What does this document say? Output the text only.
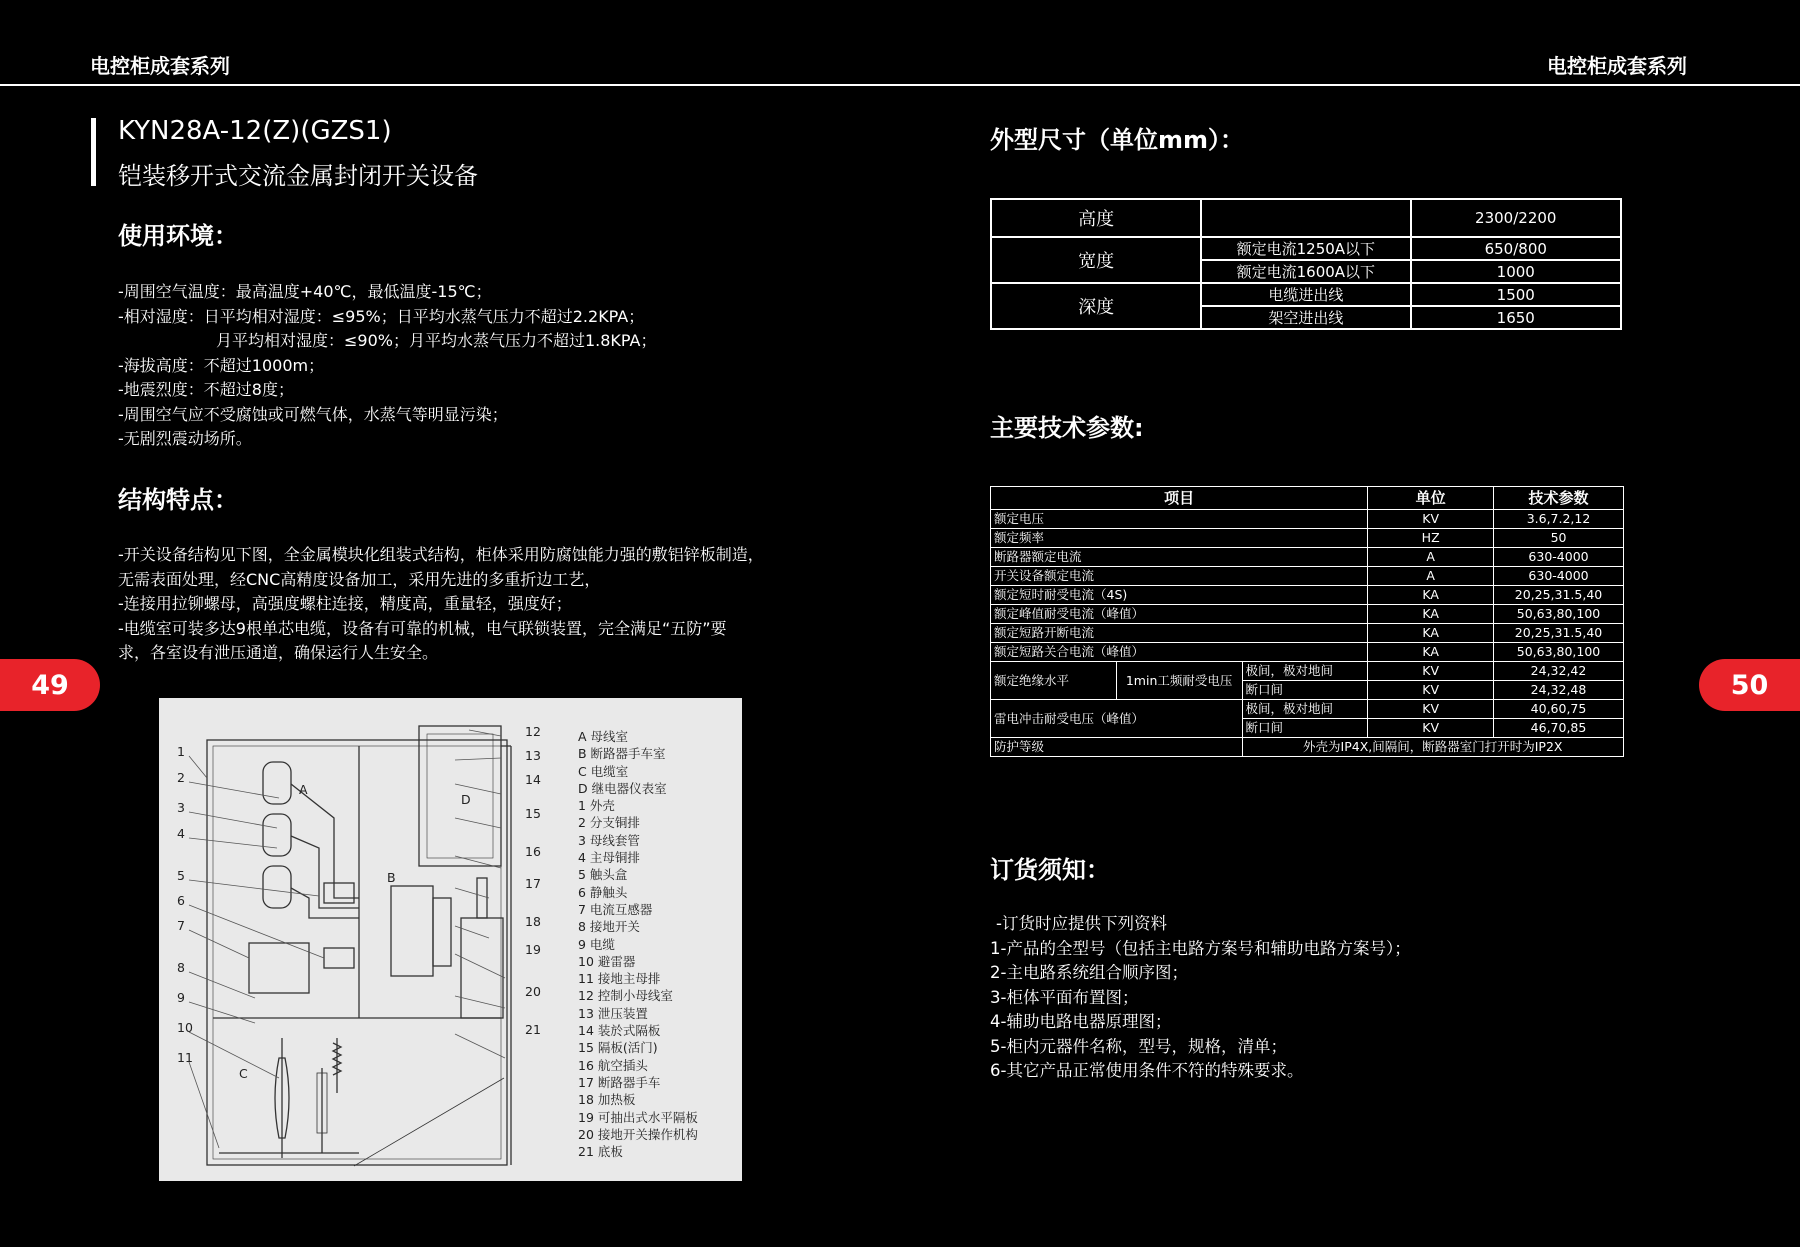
电控柜成套系列	电控柜成套系列
KYN28A-12(Z)(GZS1)
铠装移开式交流金属封闭开关设备
使用环境：
-周围空气温度：最高温度+40℃，最低温度-15℃；
-相对湿度：日平均相对湿度：≤95%；日平均水蒸气压力不超过2.2KPA；
月平均相对湿度：≤90%；月平均水蒸气压力不超过1.8KPA；
-海拔高度：不超过1000m；
-地震烈度：不超过8度；
-周围空气应不受腐蚀或可燃气体，水蒸气等明显污染；
-无剧烈震动场所。
结构特点：
-开关设备结构见下图，全金属模块化组装式结构，柜体采用防腐蚀能力强的敷铝锌板制造，
无需表面处理，经CNC高精度设备加工，采用先进的多重折边工艺，
-连接用拉铆螺母，高强度螺柱连接，精度高，重量轻，强度好；
-电缆室可装多达9根单芯电缆，设备有可靠的机械，电气联锁装置，完全满足“五防”要
求，各室设有泄压通道，确保运行人生安全。
49	50
A
B
C
D
1
2
3
4
5
6
7
8
9
10
11
12
13
14
15
16
17
18
19
20
21
A 母线室
B 断路器手车室
C 电缆室
D 继电器仪表室
1 外壳
2 分支铜排
3 母线套管
4 主母铜排
5 触头盒
6 静触头
7 电流互感器
8 接地开关
9 电缆
10 避雷器
11 接地主母排
12 控制小母线室
13 泄压装置
14 装於式隔板
15 隔板(活门)
16 航空插头
17 断路器手车
18 加热板
19 可抽出式水平隔板
20 接地开关操作机构
21 底板
外型尺寸（单位mm）：
高度		2300/2200
宽度	额定电流1250A以下	650/800
	额定电流1600A以下	1000
深度	电缆进出线	1500
	架空进出线	1650
主要技术参数:
项目			单位	技术参数
额定电压			KV	3.6,7.2,12
额定频率			HZ	50
断路器额定电流			A	630-4000
开关设备额定电流			A	630-4000
额定短时耐受电流（4S)			KA	20,25,31.5,40
额定峰值耐受电流（峰值）			KA	50,63,80,100
额定短路开断电流			KA	20,25,31.5,40
额定短路关合电流（峰值）			KA	50,63,80,100
额定绝缘水平	1min工频耐受电压	极间，极对地间	KV	24,32,42
		断口间	KV	24,32,48
雷电冲击耐受电压（峰值）		极间，极对地间	KV	40,60,75
		断口间	KV	46,70,85
防护等级		外壳为IP4X,间隔间，断路器室门打开时为IP2X		
订货须知：
-订货时应提供下列资料
1-产品的全型号（包括主电路方案号和辅助电路方案号）；
2-主电路系统组合顺序图；
3-柜体平面布置图；
4-辅助电路电器原理图；
5-柜内元器件名称，型号，规格，清单；
6-其它产品正常使用条件不符的特殊要求。
